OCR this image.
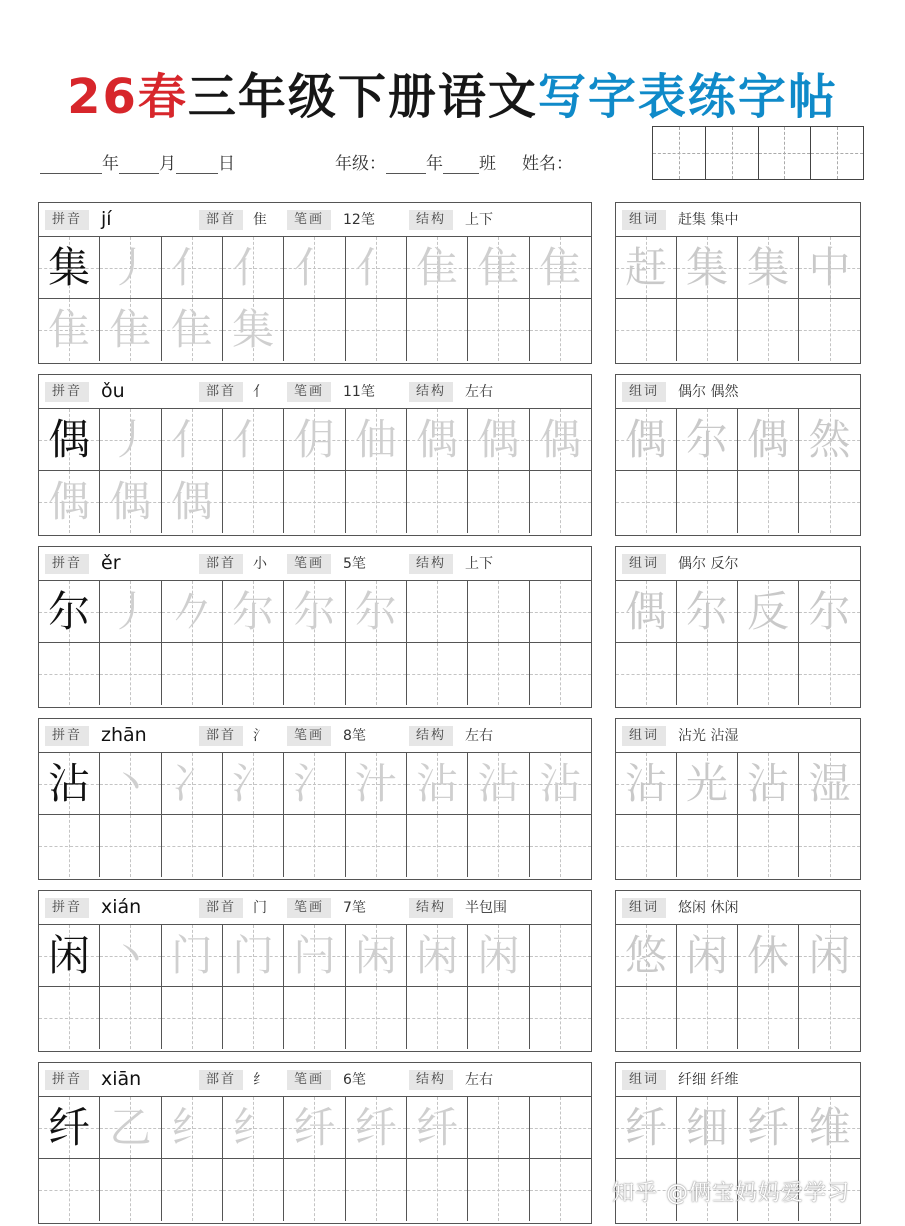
26春三年级下册语文写字表练字帖
年 月 日	年级： 年 班 姓名：
拼音 jí	部首	隹	笔画	12笔	结构	上下
集 丿 亻 亻 亻 亻 隹 隹 隹
隹 隹 隹 集
组词	赶集 集中
赶 集 集 中
拼音 ǒu	部首	亻	笔画	11笔	结构	左右
偶 丿 亻 亻 仴 伷 偶 偶 偶
偶 偶 偶
组词	偶尔 偶然
偶 尔 偶 然
拼音 ěr	部首	小	笔画	5笔	结构	上下
尔 丿 𠂊 尔 尔 尔
组词	偶尔 反尔
偶 尔 反 尔
拼音 zhān	部首	氵	笔画	8笔	结构	左右
沾 丶 冫 氵 氵 汁 沾 沾 沾
组词	沾光 沾湿
沾 光 沾 湿
拼音 xián	部首	门	笔画	7笔	结构	半包围
闲 丶 门 门 闩 闲 闲 闲
组词	悠闲 休闲
悠 闲 休 闲
拼音 xiān	部首	纟	笔画	6笔	结构	左右
纤 乙 纟 纟 纤 纤 纤
组词	纤细 纤维
纤 细 纤 维
知乎 @俩宝妈妈爱学习
